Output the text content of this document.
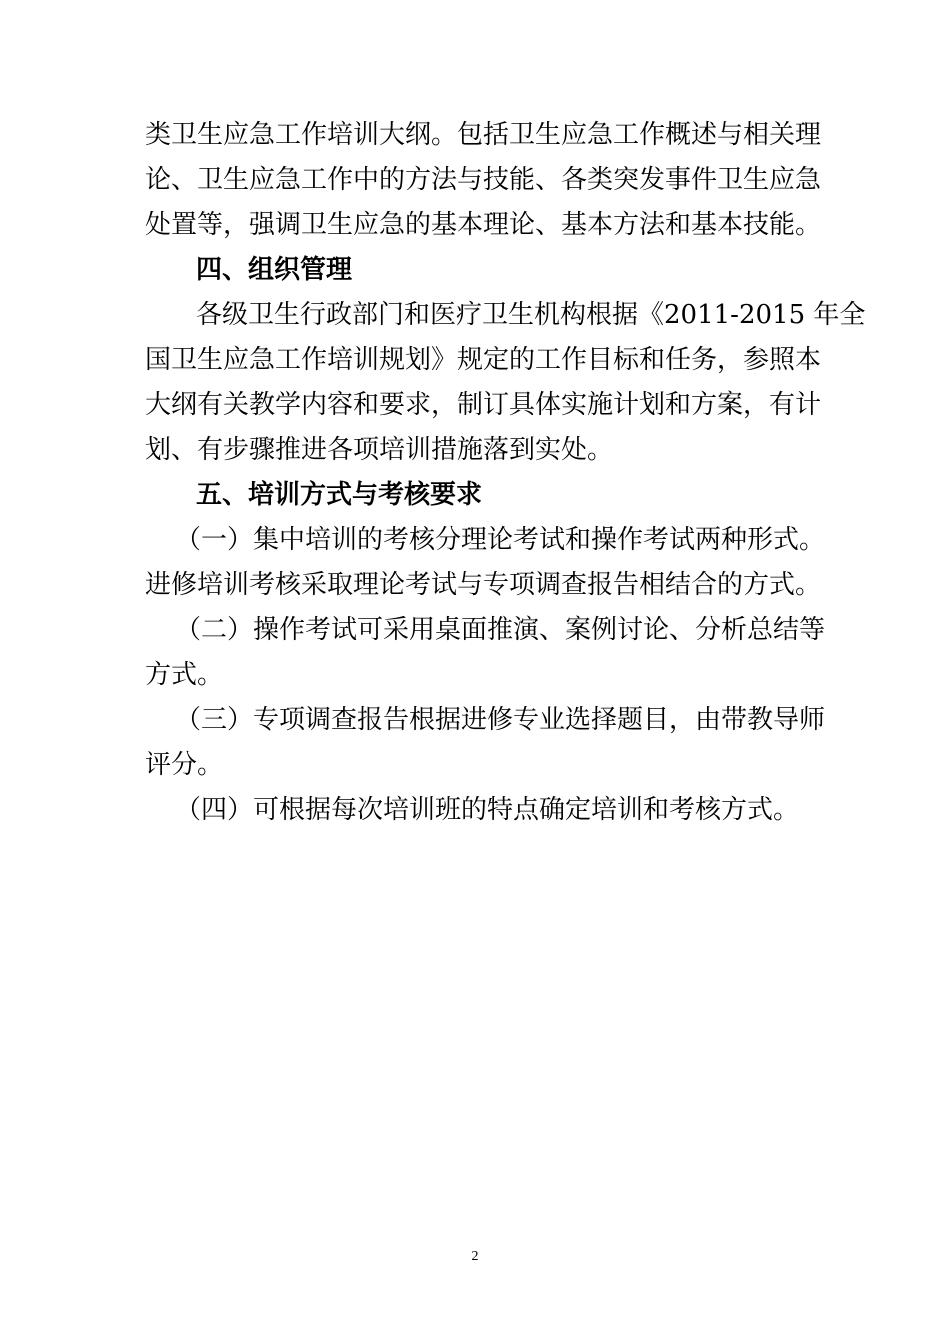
类卫生应急工作培训大纲。包括卫生应急工作概述与相关理
论、卫生应急工作中的方法与技能、各类突发事件卫生应急
处置等，强调卫生应急的基本理论、基本方法和基本技能。
四、组织管理
各级卫生行政部门和医疗卫生机构根据《2011-2015 年全
国卫生应急工作培训规划》规定的工作目标和任务，参照本
大纲有关教学内容和要求，制订具体实施计划和方案，有计
划、有步骤推进各项培训措施落到实处。
五、培训方式与考核要求
（一）集中培训的考核分理论考试和操作考试两种形式。
进修培训考核采取理论考试与专项调查报告相结合的方式。
（二）操作考试可采用桌面推演、案例讨论、分析总结等
方式。
（三）专项调查报告根据进修专业选择题目，由带教导师
评分。
（四）可根据每次培训班的特点确定培训和考核方式。
2
